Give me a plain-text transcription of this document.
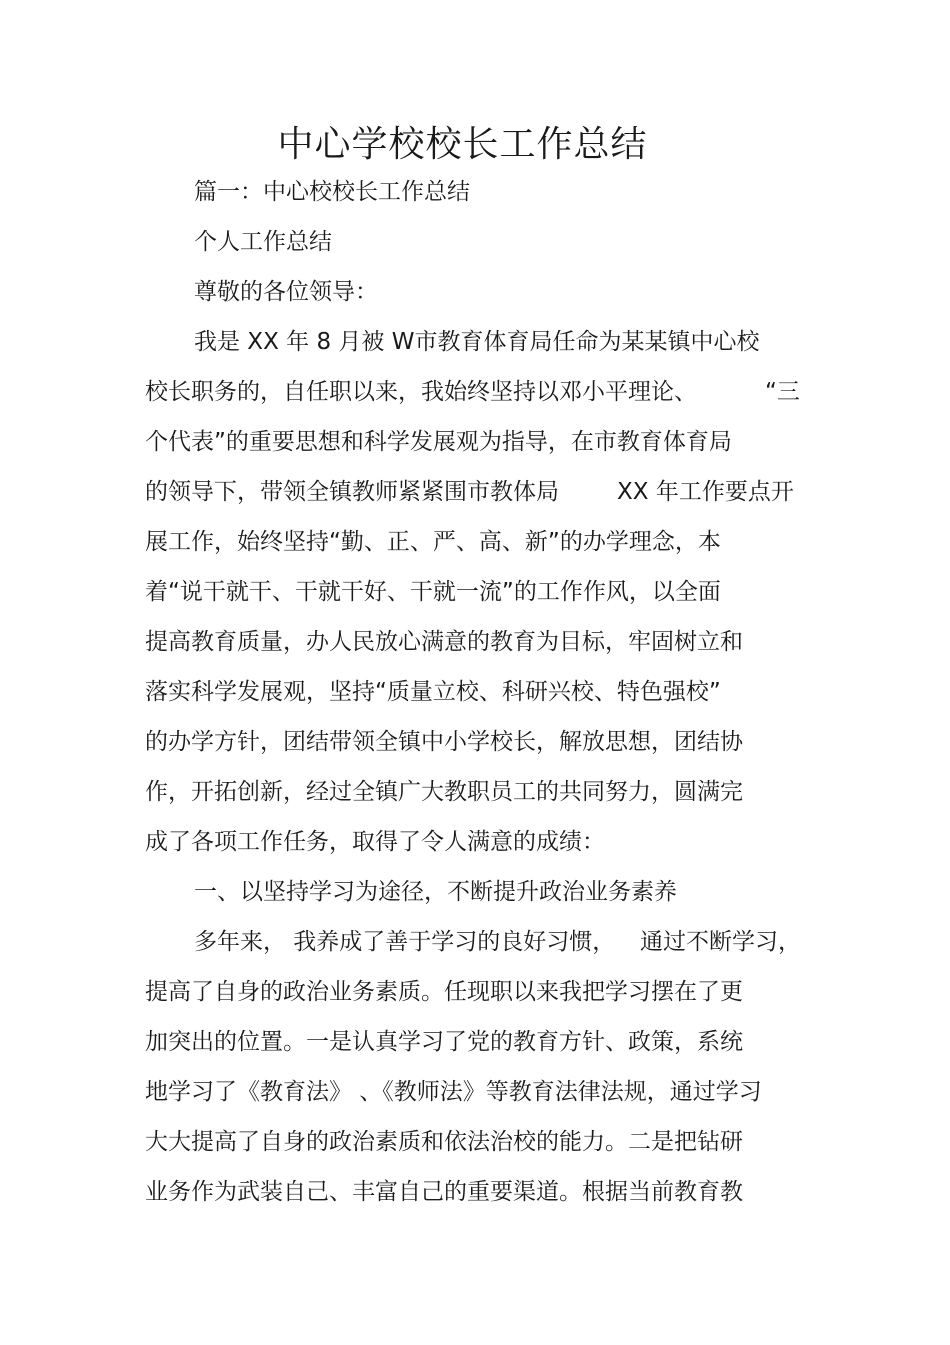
中心学校校长工作总结
篇一：中心校校长工作总结
个人工作总结
尊敬的各位领导：
我是 XX 年 8 月被 W市教育体育局任命为某某镇中心校
校长职务的，自任职以来，我始终坚持以邓小平理论、	“三
个代表”的重要思想和科学发展观为指导，在市教育体育局
的领导下，带领全镇教师紧紧围市教体局	XX 年工作要点开
展工作，始终坚持“勤、正、严、高、新”的办学理念，本
着“说干就干、干就干好、干就一流”的工作作风，以全面
提高教育质量，办人民放心满意的教育为目标，牢固树立和
落实科学发展观，坚持“质量立校、科研兴校、特色强校”
的办学方针，团结带领全镇中小学校长，解放思想，团结协
作，开拓创新，经过全镇广大教职员工的共同努力，圆满完
成了各项工作任务，取得了令人满意的成绩：
一、以坚持学习为途径，不断提升政治业务素养
多年来， 我养成了善于学习的良好习惯， 通过不断学习，
提高了自身的政治业务素质。任现职以来我把学习摆在了更
加突出的位置。一是认真学习了党的教育方针、政策，系统
地学习了《教育法》 、《教师法》等教育法律法规，通过学习
大大提高了自身的政治素质和依法治校的能力。二是把钻研
业务作为武装自己、丰富自己的重要渠道。根据当前教育教
